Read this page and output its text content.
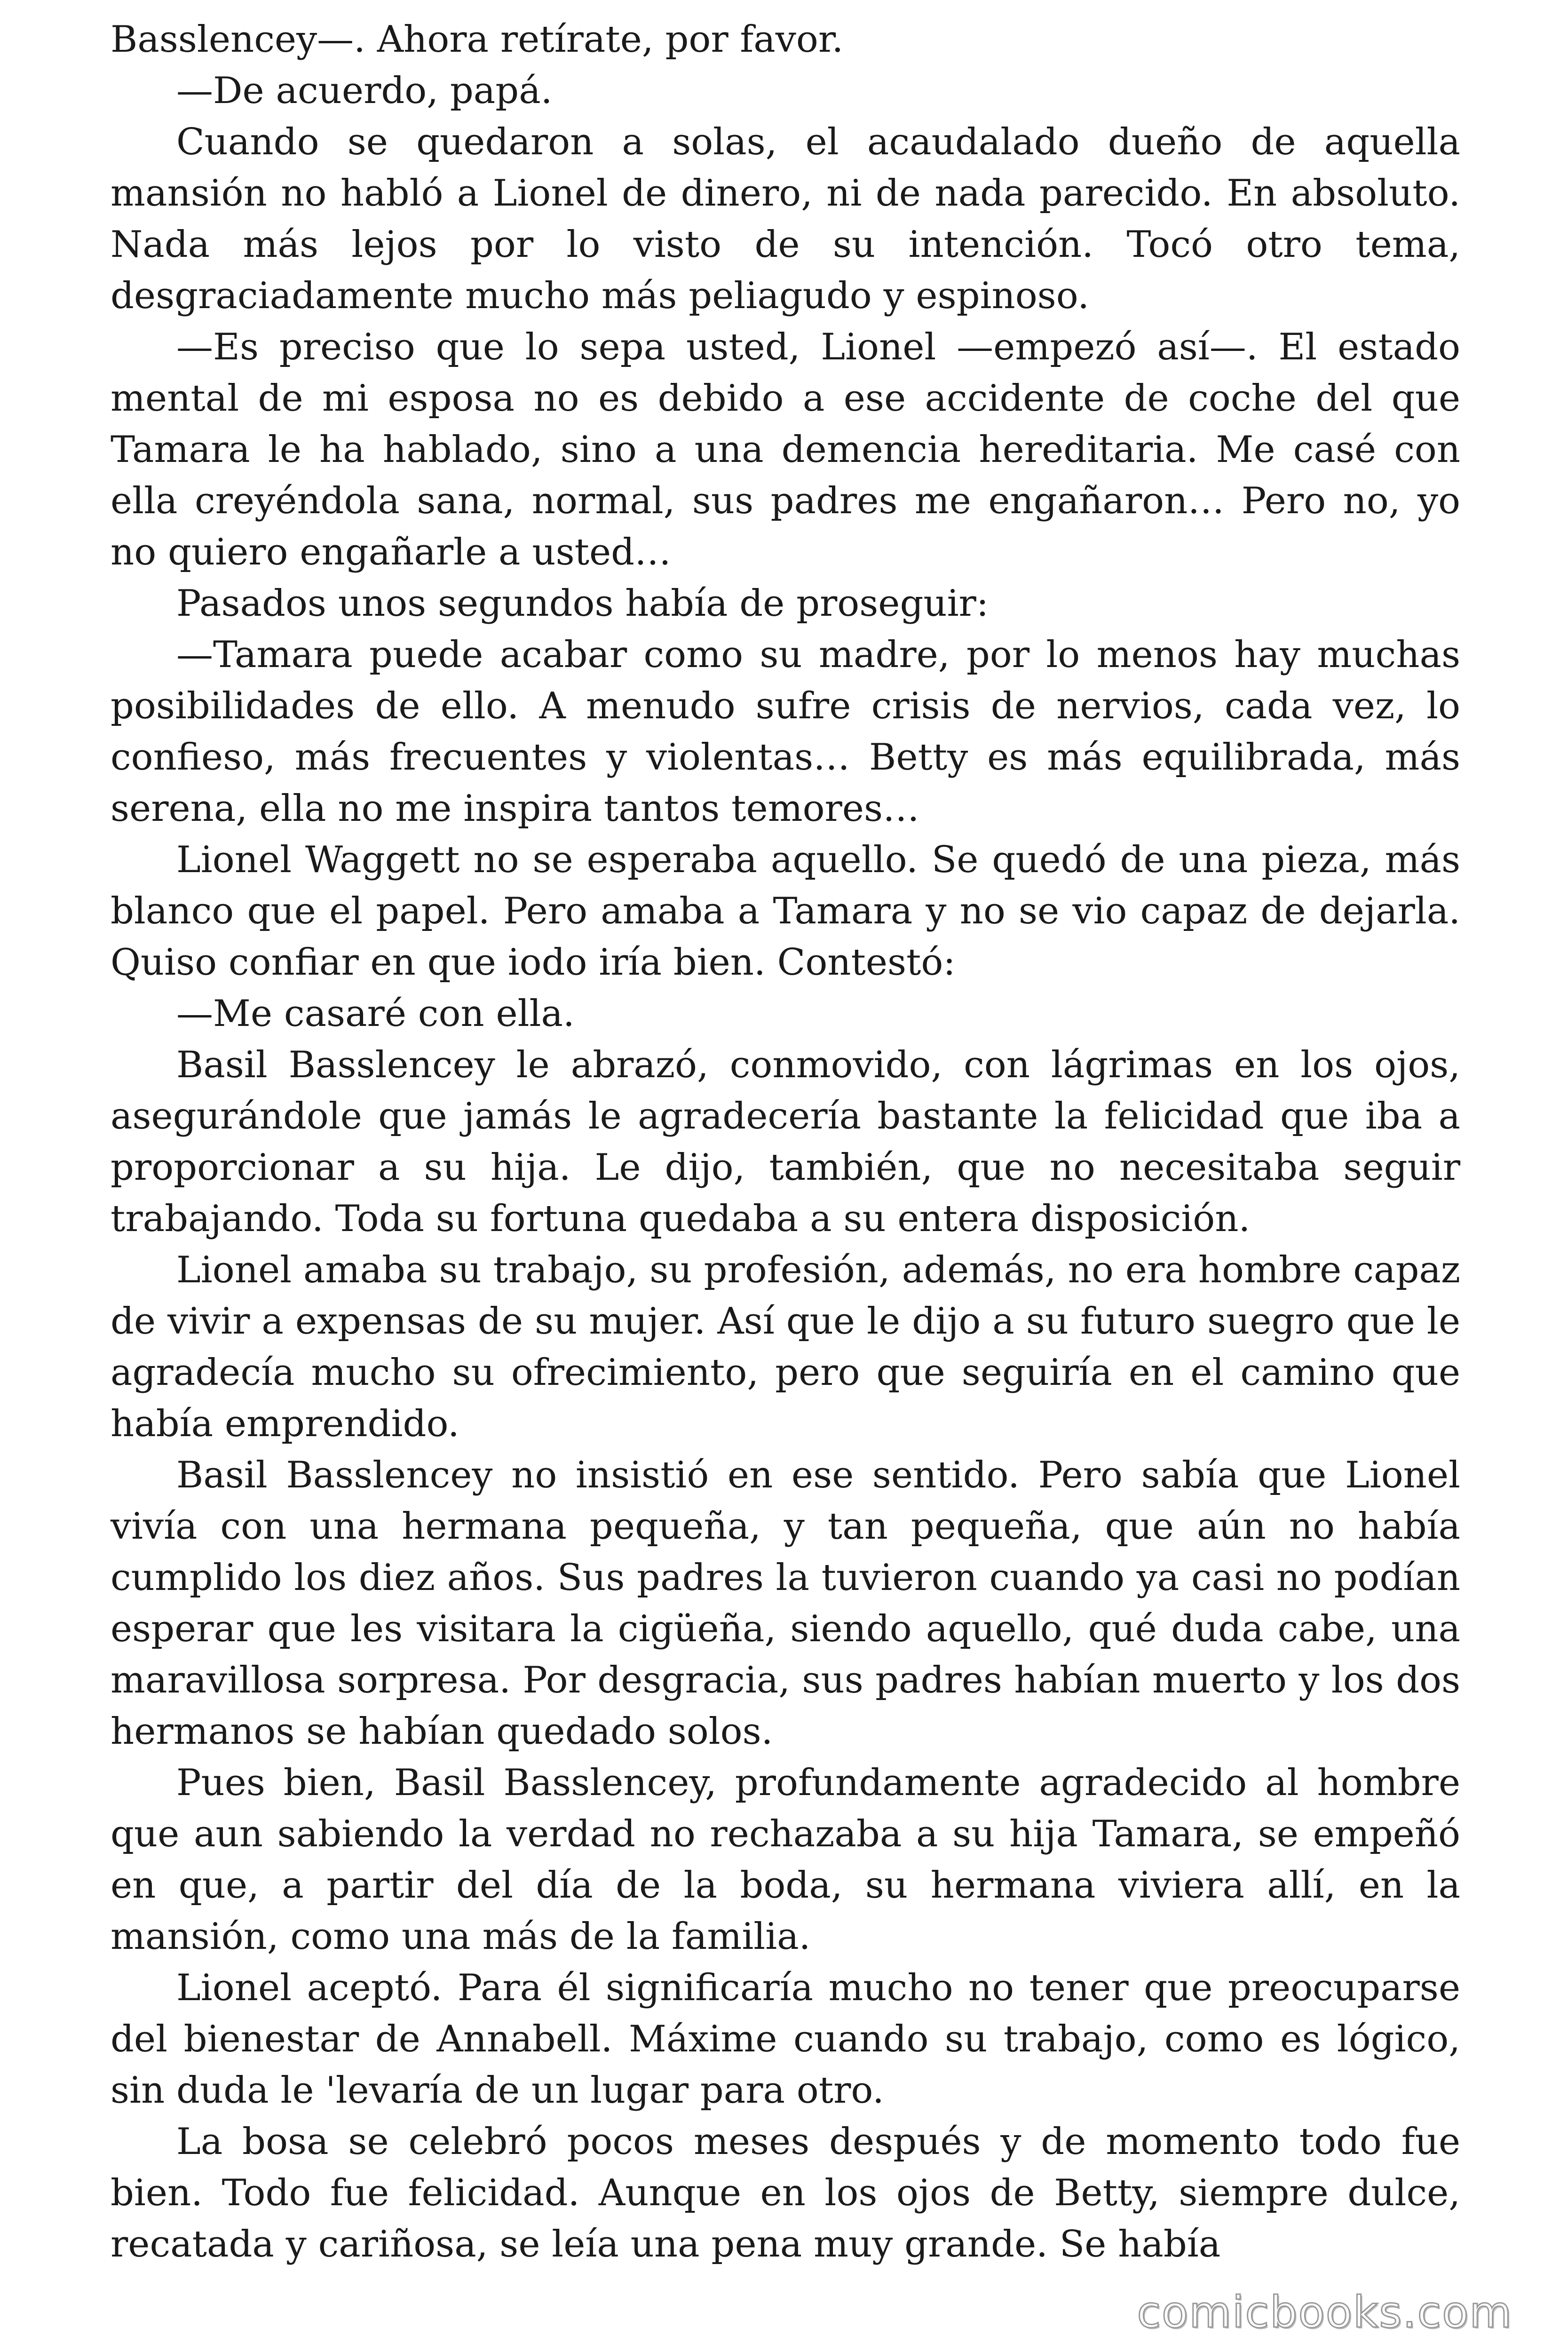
Basslencey—. Ahora retírate, por favor.

—De acuerdo, papá.

Cuando se quedaron a solas, el acaudalado dueño de aquella mansión no habló a Lionel de dinero, ni de nada parecido. En absoluto. Nada más lejos por lo visto de su intención. Tocó otro tema, desgraciadamente mucho más peliagudo y espinoso.

—Es preciso que lo sepa usted, Lionel —empezó así—. El estado mental de mi esposa no es debido a ese accidente de coche del que Tamara le ha hablado, sino a una demencia hereditaria. Me casé con ella creyéndola sana, normal, sus padres me engañaron… Pero no, yo no quiero engañarle a usted…

Pasados unos segundos había de proseguir:

—Tamara puede acabar como su madre, por lo menos hay muchas posibilidades de ello. A menudo sufre crisis de nervios, cada vez, lo confieso, más frecuentes y violentas… Betty es más equilibrada, más serena, ella no me inspira tantos temores…

Lionel Waggett no se esperaba aquello. Se quedó de una pieza, más blanco que el papel. Pero amaba a Tamara y no se vio capaz de dejarla. Quiso confiar en que iodo iría bien. Contestó:

—Me casaré con ella.

Basil Basslencey le abrazó, conmovido, con lágrimas en los ojos, asegurándole que jamás le agradecería bastante la felicidad que iba a proporcionar a su hija. Le dijo, también, que no necesitaba seguir trabajando. Toda su fortuna quedaba a su entera disposición.

Lionel amaba su trabajo, su profesión, además, no era hombre capaz de vivir a expensas de su mujer. Así que le dijo a su futuro suegro que le agradecía mucho su ofrecimiento, pero que seguiría en el camino que había emprendido.

Basil Basslencey no insistió en ese sentido. Pero sabía que Lionel vivía con una hermana pequeña, y tan pequeña, que aún no había cumplido los diez años. Sus padres la tuvieron cuando ya casi no podían esperar que les visitara la cigüeña, siendo aquello, qué duda cabe, una maravillosa sorpresa. Por desgracia, sus padres habían muerto y los dos hermanos se habían quedado solos.

Pues bien, Basil Basslencey, profundamente agradecido al hombre que aun sabiendo la verdad no rechazaba a su hija Tamara, se empeñó en que, a partir del día de la boda, su hermana viviera allí, en la mansión, como una más de la familia.

Lionel aceptó. Para él significaría mucho no tener que preocuparse del bienestar de Annabell. Máxime cuando su trabajo, como es lógico, sin duda le 'levaría de un lugar para otro.

La bosa se celebró pocos meses después y de momento todo fue bien. Todo fue felicidad. Aunque en los ojos de Betty, siempre dulce, recatada y cariñosa, se leía una pena muy grande. Se había

comicbooks.com
